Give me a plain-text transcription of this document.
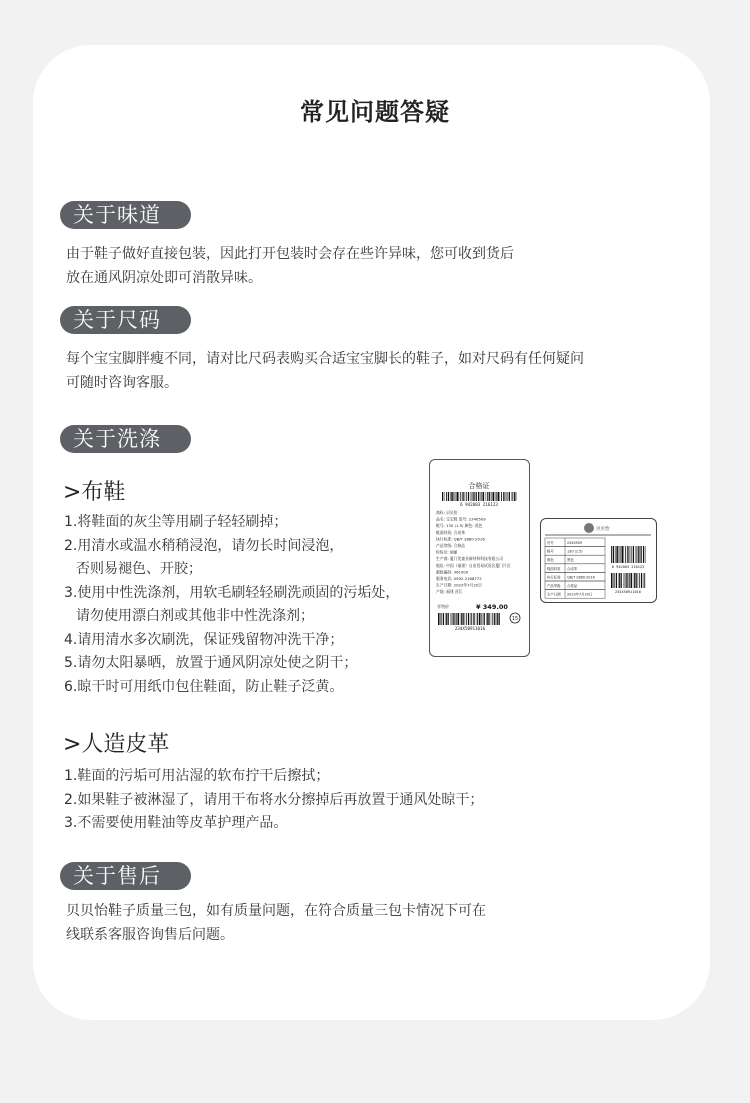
常见问题答疑
关于味道
由于鞋子做好直接包装，因此打开包装时会存在些许异味，您可收到货后
放在通风阴凉处即可消散异味。
关于尺码
每个宝宝脚胖瘦不同，请对比尺码表购买合适宝宝脚长的鞋子，如对尺码有任何疑问
可随时咨询客服。
关于洗涤
>布鞋
1.将鞋面的灰尘等用刷子轻轻刷掉；
2.用清水或温水稍稍浸泡，请勿长时间浸泡，
否则易褪色、开胶；
3.使用中性洗涤剂，用软毛刷轻轻刷洗顽固的污垢处，
请勿使用漂白剂或其他非中性洗涤剂；
4.请用清水多次刷洗，保证残留物冲洗干净；
5.请勿太阳暴晒，放置于通风阴凉处使之阴干；
6.晾干时可用纸巾包住鞋面，防止鞋子泛黄。
合格证
6 942003 216123
商标: 贝贝怡
品名: 宝宝鞋 货号: 2340509
鞋号: 130 (1.5) 颜色: 黑色
鞋面材质: 合成革
执行标准: QB/T 2880-2016
产品等级: 合格品
检验员: 丽丽
生产商: 厦门优童业新材料科技有限公司
地址: 中国（福建）自由贸易试验区厦门片区
邮政编码: 361000
服务电话: 0592-2168772
生产日期: 2023年7月20日
产地: 福建 晋江
零售价	¥ 349.00
234X50911016
15
贝贝怡
货号	2340509
鞋号	130 (1.5)
颜色	黑色
鞋面材质 合成革
执行标准 QB/T 2880-2016
产品等级 合格品
生产日期 2023年7月20日
6 942003 216123
234X50911016
>人造皮革
1.鞋面的污垢可用沾湿的软布拧干后擦拭；
2.如果鞋子被淋湿了，请用干布将水分擦掉后再放置于通风处晾干；
3.不需要使用鞋油等皮革护理产品。
关于售后
贝贝怡鞋子质量三包，如有质量问题，在符合质量三包卡情况下可在
线联系客服咨询售后问题。
